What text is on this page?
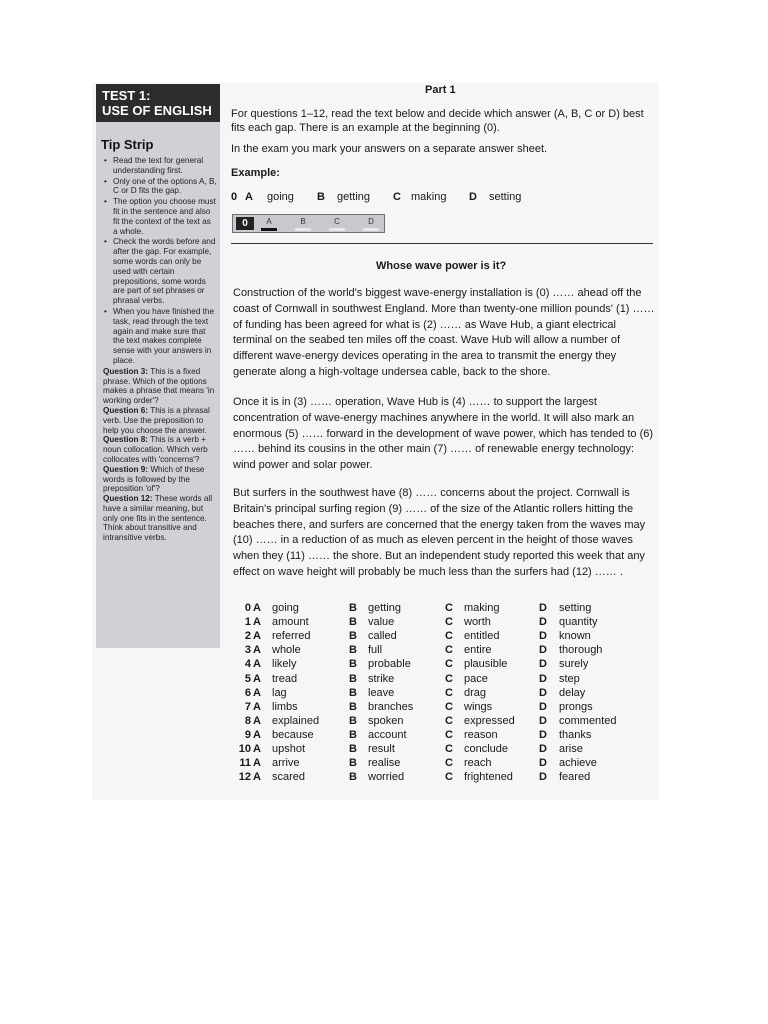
TEST 1:
USE OF ENGLISH
Tip Strip
• Read the text for general understanding first.
• Only one of the options A, B, C or D fits the gap.
• The option you choose must fit in the sentence and also fit the context of the text as a whole.
• Check the words before and after the gap. For example, some words can only be used with certain prepositions, some words are part of set phrases or phrasal verbs.
• When you have finished the task, read through the text again and make sure that the text makes complete sense with your answers in place.
Question 3: This is a fixed phrase. Which of the options makes a phrase that means 'in working order'?
Question 6: This is a phrasal verb. Use the preposition to help you choose the answer.
Question 8: This is a verb + noun collocation. Which verb collocates with 'concerns'?
Question 9: Which of these words is followed by the preposition 'of'?
Question 12: These words all have a similar meaning, but only one fits in the sentence. Think about transitive and intransitive verbs.
Part 1
For questions 1–12, read the text below and decide which answer (A, B, C or D) best fits each gap. There is an example at the beginning (0).
In the exam you mark your answers on a separate answer sheet.
Example:
0 A going B getting C making D setting
0	A	B	C	D
Whose wave power is it?
Construction of the world's biggest wave-energy installation is (0) …… ahead off the coast of Cornwall in southwest England. More than twenty-one million pounds' (1) …… of funding has been agreed for what is (2) …… as Wave Hub, a giant electrical terminal on the seabed ten miles off the coast. Wave Hub will allow a number of different wave-energy devices operating in the area to transmit the energy they generate along a high-voltage undersea cable, back to the shore.
Once it is in (3) …… operation, Wave Hub is (4) …… to support the largest concentration of wave-energy machines anywhere in the world. It will also mark an enormous (5) …… forward in the development of wave power, which has tended to (6) …… behind its cousins in the other main (7) …… of renewable energy technology: wind power and solar power.
But surfers in the southwest have (8) …… concerns about the project. Cornwall is Britain's principal surfing region (9) …… of the size of the Atlantic rollers hitting the beaches there, and surfers are concerned that the energy taken from the waves may (10) …… in a reduction of as much as eleven percent in the height of those waves when they (11) …… the shore. But an independent study reported this week that any effect on wave height will probably be much less than the surfers had (12) …… .
0 A going	B getting	C making	D setting
1 A amount	B value	C worth	D quantity
2 A referred	B called	C entitled	D known
3 A whole	B full	C entire	D thorough
4 A likely	B probable	C plausible	D surely
5 A tread	B strike	C pace	D step
6 A lag	B leave	C drag	D delay
7 A limbs	B branches	C wings	D prongs
8 A explained	B spoken	C expressed D commented
9 A because	B account	C reason	D thanks
10 A upshot	B result	C conclude	D arise
11 A arrive	B realise	C reach	D achieve
12 A scared	B worried	C frightened D feared
